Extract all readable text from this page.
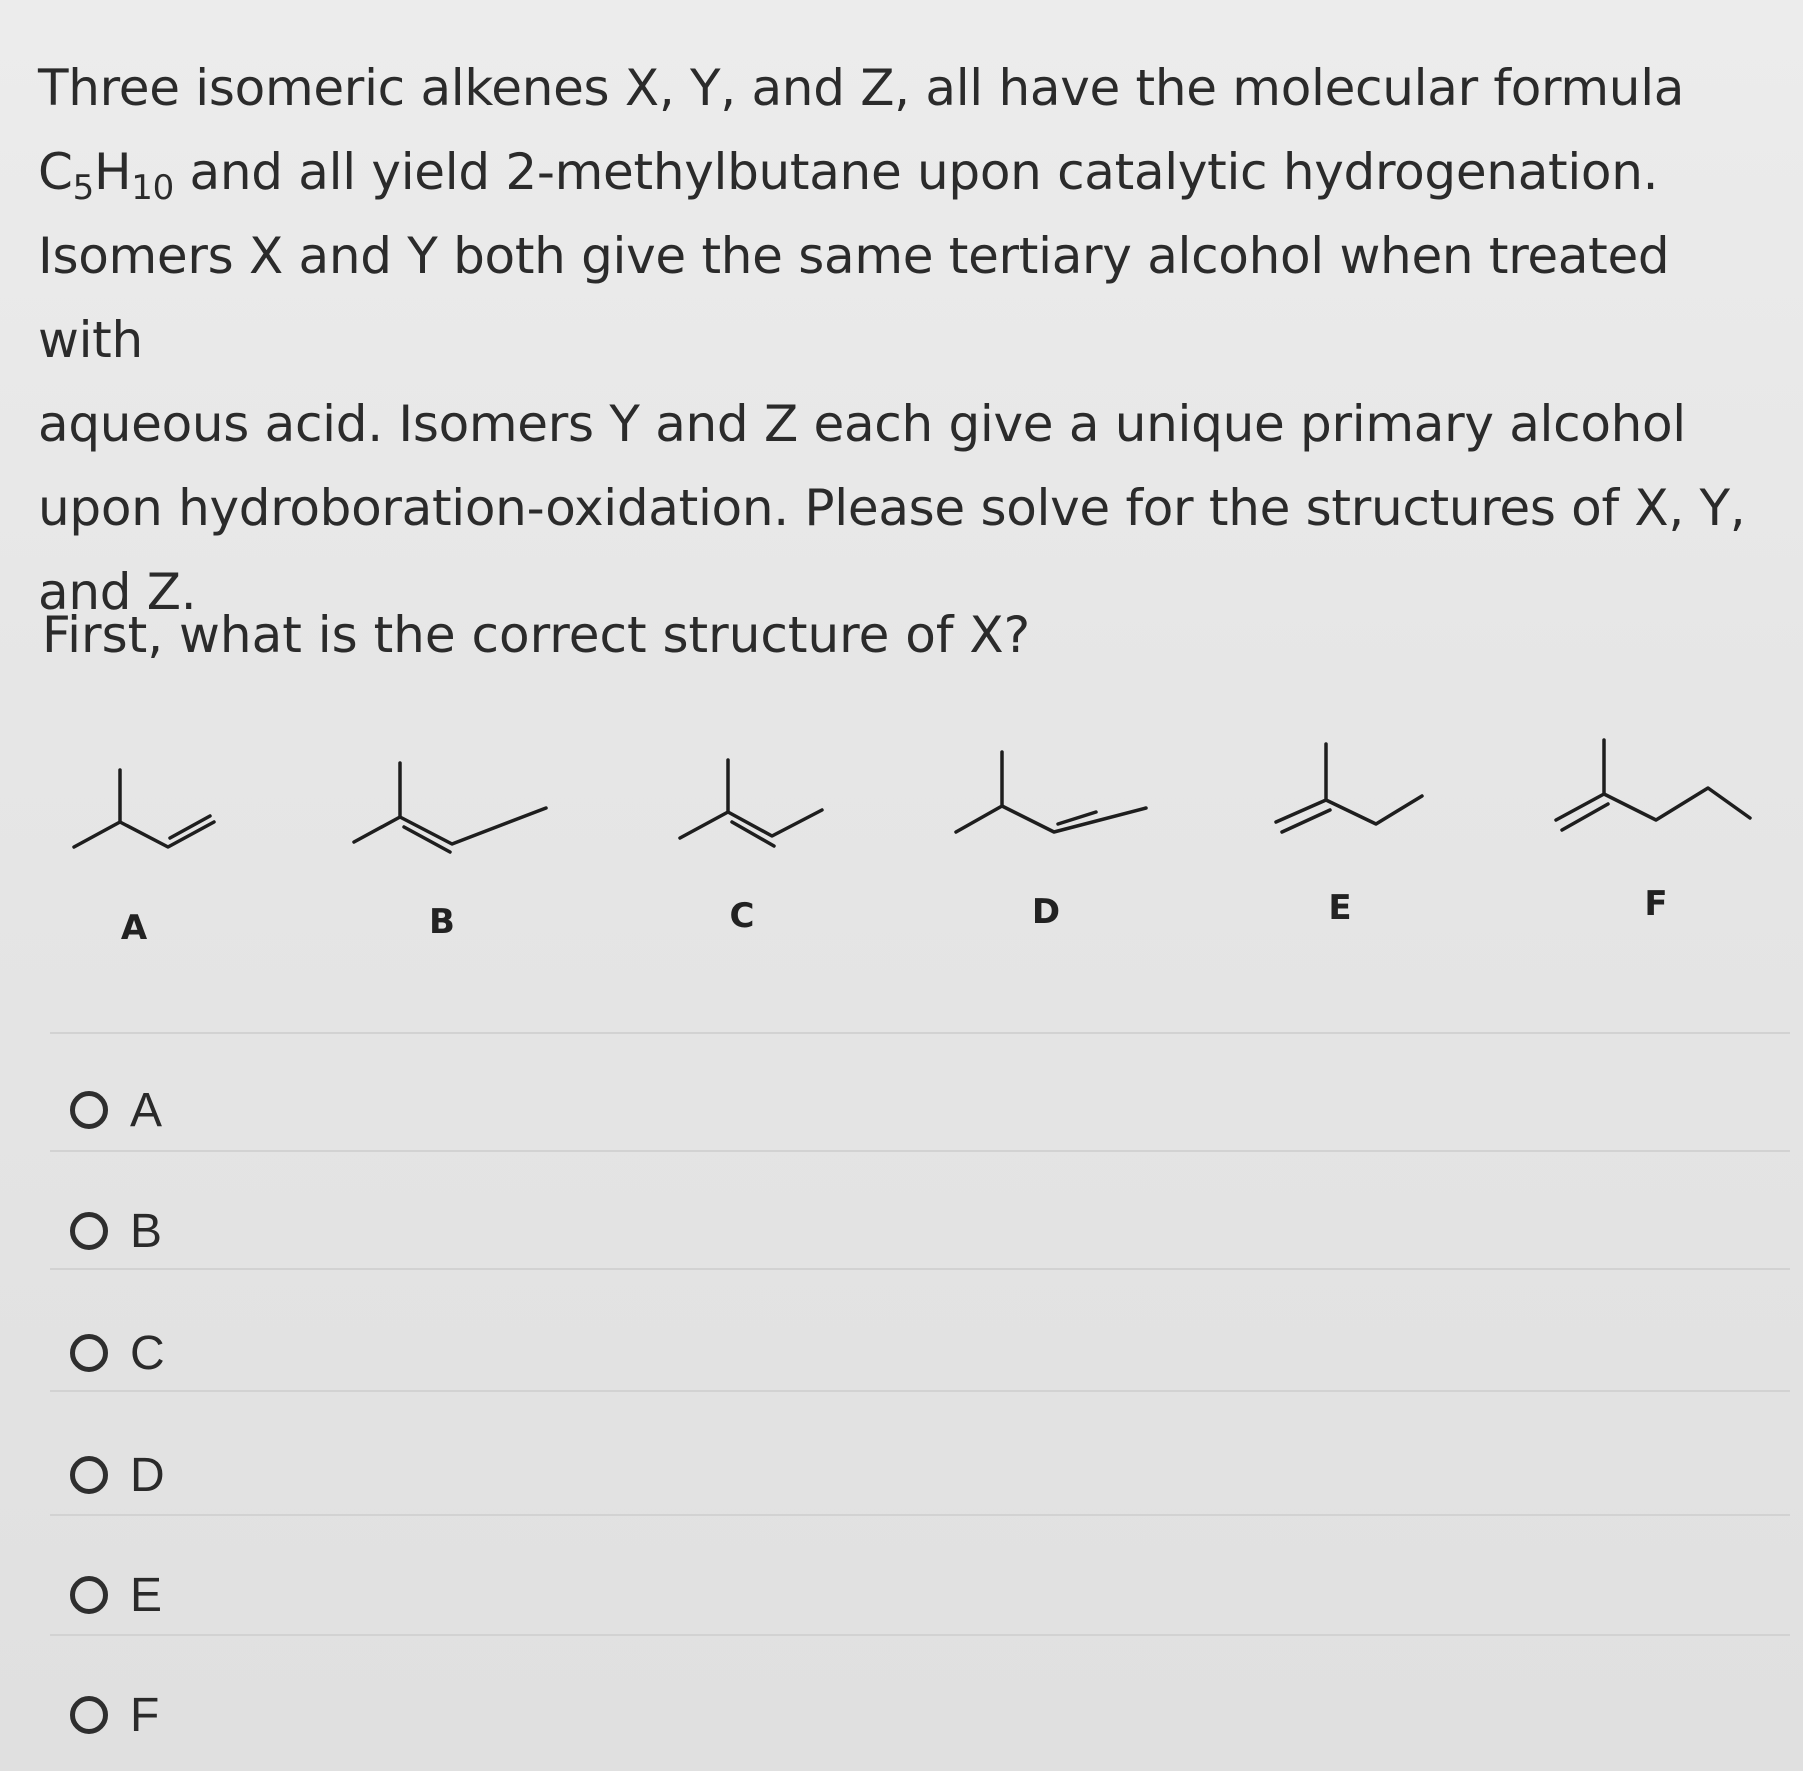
Three isomeric alkenes X, Y, and Z, all have the molecular formula

$C_5H_{10}$ and all yield 2-methylbutane upon catalytic hydrogenation.

Isomers X and Y both give the same tertiary alcohol when treated with

aqueous acid. Isomers Y and Z each give a unique primary alcohol

upon hydroboration-oxidation. Please solve for the structures of X, Y,

and Z.

First, what is the correct structure of X?
A	B	C	D	E	F
A
B
C
D
E
F
